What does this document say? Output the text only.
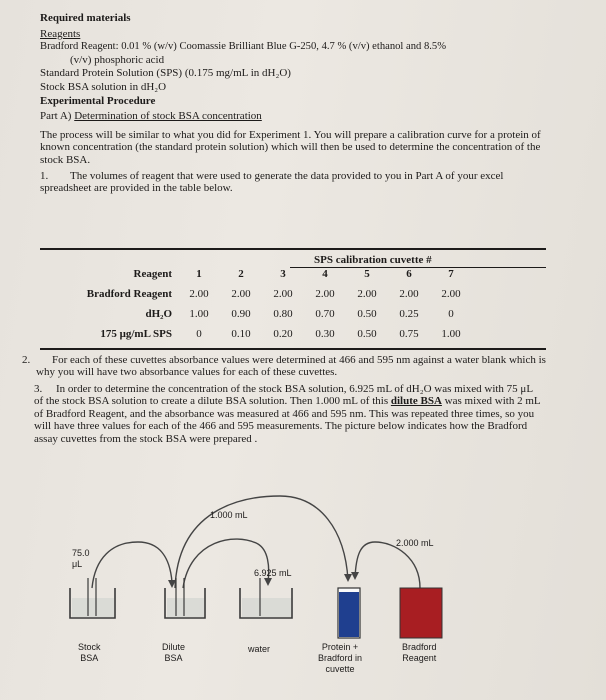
Required materials
Reagents
Bradford Reagent: 0.01 % (w/v) Coomassie Brilliant Blue G-250, 4.7 % (v/v) ethanol and 8.5%
(v/v) phosphoric acid
Standard Protein Solution (SPS) (0.175 mg/mL in dH₂O)
Stock BSA solution in dH₂O
Experimental Procedure
Part A) Determination of stock BSA concentration
The process will be similar to what you did for Experiment 1. You will prepare a calibration curve for a protein of known concentration (the standard protein solution) which will then be used to determine the concentration of the stock BSA.
1.	The volumes of reagent that were used to generate the data provided to you in Part A of your excel spreadsheet are provided in the table below.
SPS calibration cuvette #
Reagent	1	2	3	4	5	6	7
Bradford Reagent	2.00	2.00	2.00	2.00	2.00	2.00	2.00
dH₂O	1.00	0.90	0.80	0.70	0.50	0.25	0
175 μg/mL SPS	0	0.10	0.20	0.30	0.50	0.75	1.00
2.	For each of these cuvettes absorbance values were determined at 466 and 595 nm against a water blank which is why you will have two absorbance values for each of these cuvettes.
3.	In order to determine the concentration of the stock BSA solution, 6.925 mL of dH₂O was mixed with 75 μL of the stock BSA solution to create a dilute BSA solution. Then 1.000 mL of this dilute BSA was mixed with 2 mL of Bradford Reagent, and the absorbance was measured at 466 and 595 nm. This was repeated three times, so you will have three values for each of the 466 and 595 measurements. The picture below indicates how the Bradford assay cuvettes from the stock BSA were prepared .
1.000 mL
2.000 mL
75.0
μL
6.925 mL
Stock
BSA
Dilute
BSA
water	Protein +
Bradford in
cuvette
Bradford
Reagent
